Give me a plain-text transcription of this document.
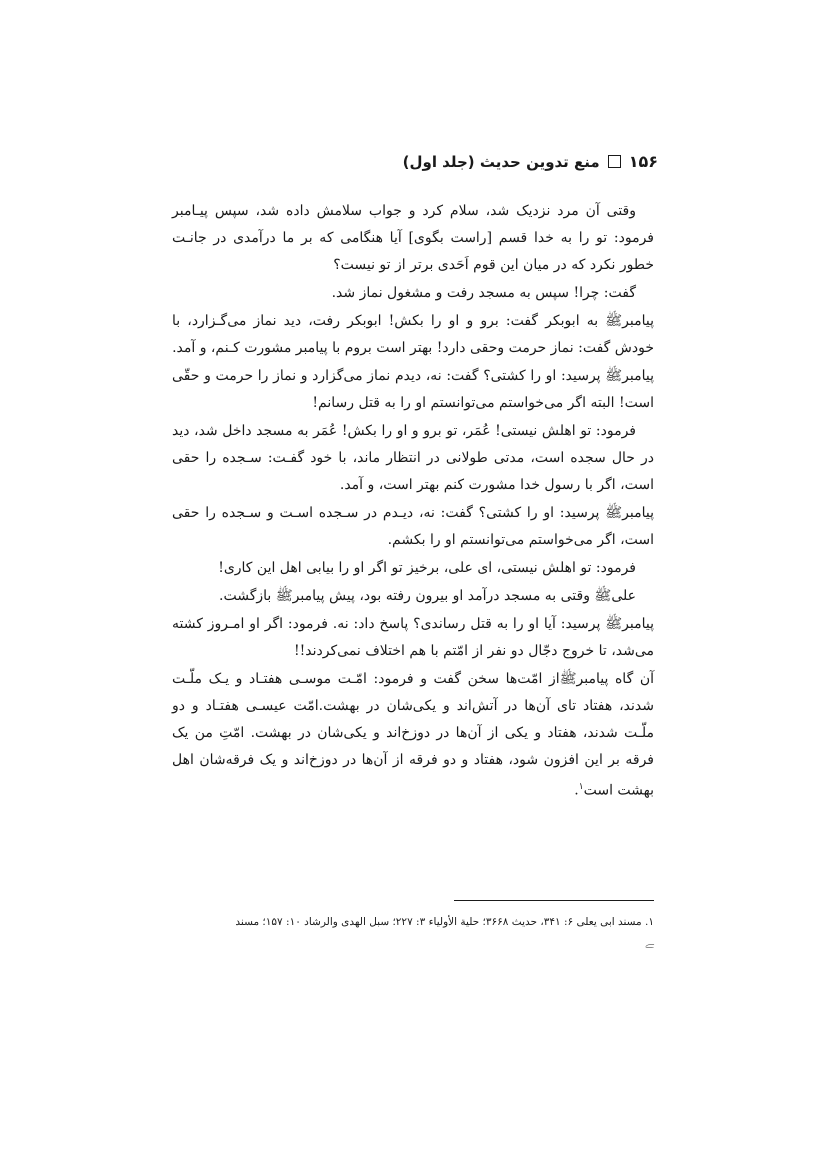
۱۵۶
منع تدوین حدیث (جلد اول)

وقتی آن مرد نزدیک شد، سلام کرد و جواب سلامش داده شد، سپس پیـامبر فرمود: تو را به خدا قسم [راست بگوی] آیا هنگامی که بر ما درآمدی در جانـت خطور نکرد که در میان این قوم اَحَدی برتر از تو نیست؟

گفت: چرا! سپس به مسجد رفت و مشغول نماز شد.

پیامبرﷺ به ابوبکر گفت: برو و او را بکش! ابوبکر رفت، دید نماز می‌گـزارد، با خودش گفت: نماز حرمت وحقی دارد! بهتر است بروم با پیامبر مشورت کـنم، و آمد.

پیامبرﷺ پرسید: او را کشتی؟ گفت: نه، دیدم نماز می‌گزارد و نماز را حرمت و حقّی است! البته اگر می‌خواستم می‌توانستم او را به قتل رسانم!

فرمود: تو اهلش نیستی! عُمَر، تو برو و او را بکش! عُمَر به مسجد داخل شد، دید در حال سجده است، مدتی طولانی در انتظار ماند، با خود گفـت: سـجده را حقی است، اگر با رسول خدا مشورت کنم بهتر است، و آمد.

پیامبرﷺ پرسید: او را کشتی؟ گفت: نه، دیـدم در سـجده اسـت و سـجده را حقی است، اگر می‌خواستم می‌توانستم او را بکشم.

فرمود: تو اهلش نیستی، ای علی، برخیز تو اگر او را بیابی اهل این کاری!

علیﷺ وقتی به مسجد درآمد او بیرون رفته بود، پیش پیامبرﷺ بازگشت.

پیامبرﷺ پرسید: آیا او را به قتل رساندی؟ پاسخ داد: نه. فرمود: اگر او امـروز کشته می‌شد، تا خروج دجّال دو نفر از امّتم با هم اختلاف نمی‌کردند!!

آن گاه پیامبرﷺاز امّت‌ها سخن گفت و فرمود: امّـت موسـی هفتـاد و یـک ملّـت شدند، هفتاد تای آن‌ها در آتش‌اند و یکی‌شان در بهشت.امّت عیسـی هفتـاد و دو ملّـت شدند، هفتاد و یکی از آن‌ها در دوزخ‌اند و یکی‌شان در بهشت. امّتِ من یک فرقه بر این افزون شود، هفتاد و دو فرقه از آن‌ها در دوزخ‌اند و یک فرقه‌شان اهل بهشت است$^۱$.

۱. مسند ابی یعلی ۶: ۳۴۱، حدیث ۳۶۶۸؛ حلیة الأولیاء ۳: ۲۲۷؛ سبل الهدی والرشاد ۱۰: ۱۵۷؛ مسند
ﮯ
